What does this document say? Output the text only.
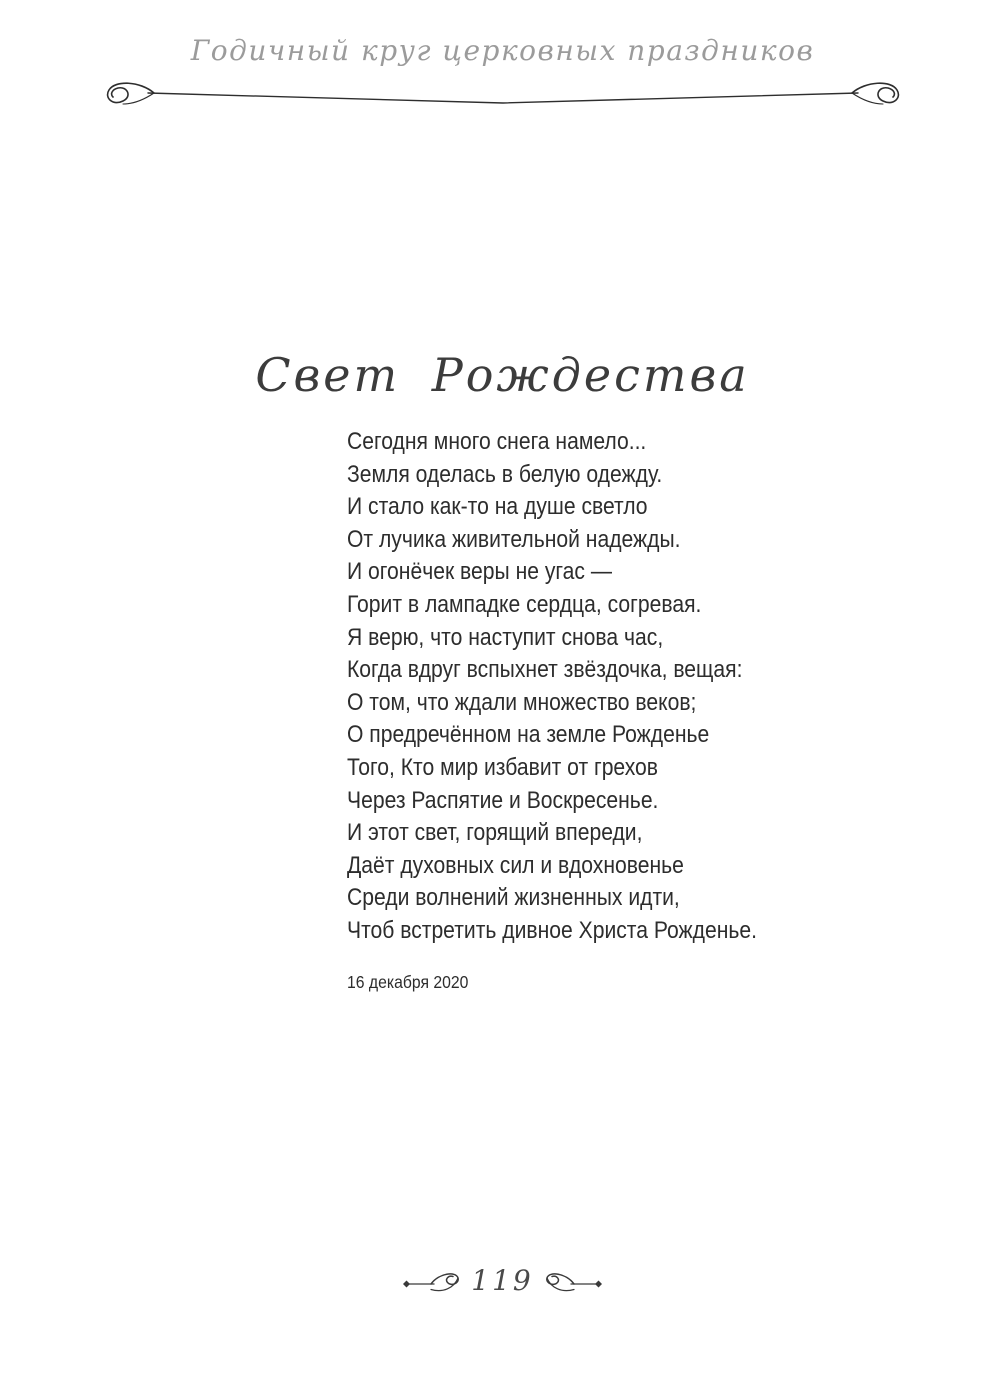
Годичный круг церковных праздников
Свет Рождества
Сегодня много снега намело...
Земля оделась в белую одежду.
И стало как-то на душе светло
От лучика живительной надежды.
И огонёчек веры не угас —
Горит в лампадке сердца, согревая.
Я верю, что наступит снова час,
Когда вдруг вспыхнет звёздочка, вещая:
О том, что ждали множество веков;
О предречённом на земле Рожденье
Того, Кто мир избавит от грехов
Через Распятие и Воскресенье.
И этот свет, горящий впереди,
Даёт духовных сил и вдохновенье
Среди волнений жизненных идти,
Чтоб встретить дивное Христа Рожденье.
16 декабря 2020
119
